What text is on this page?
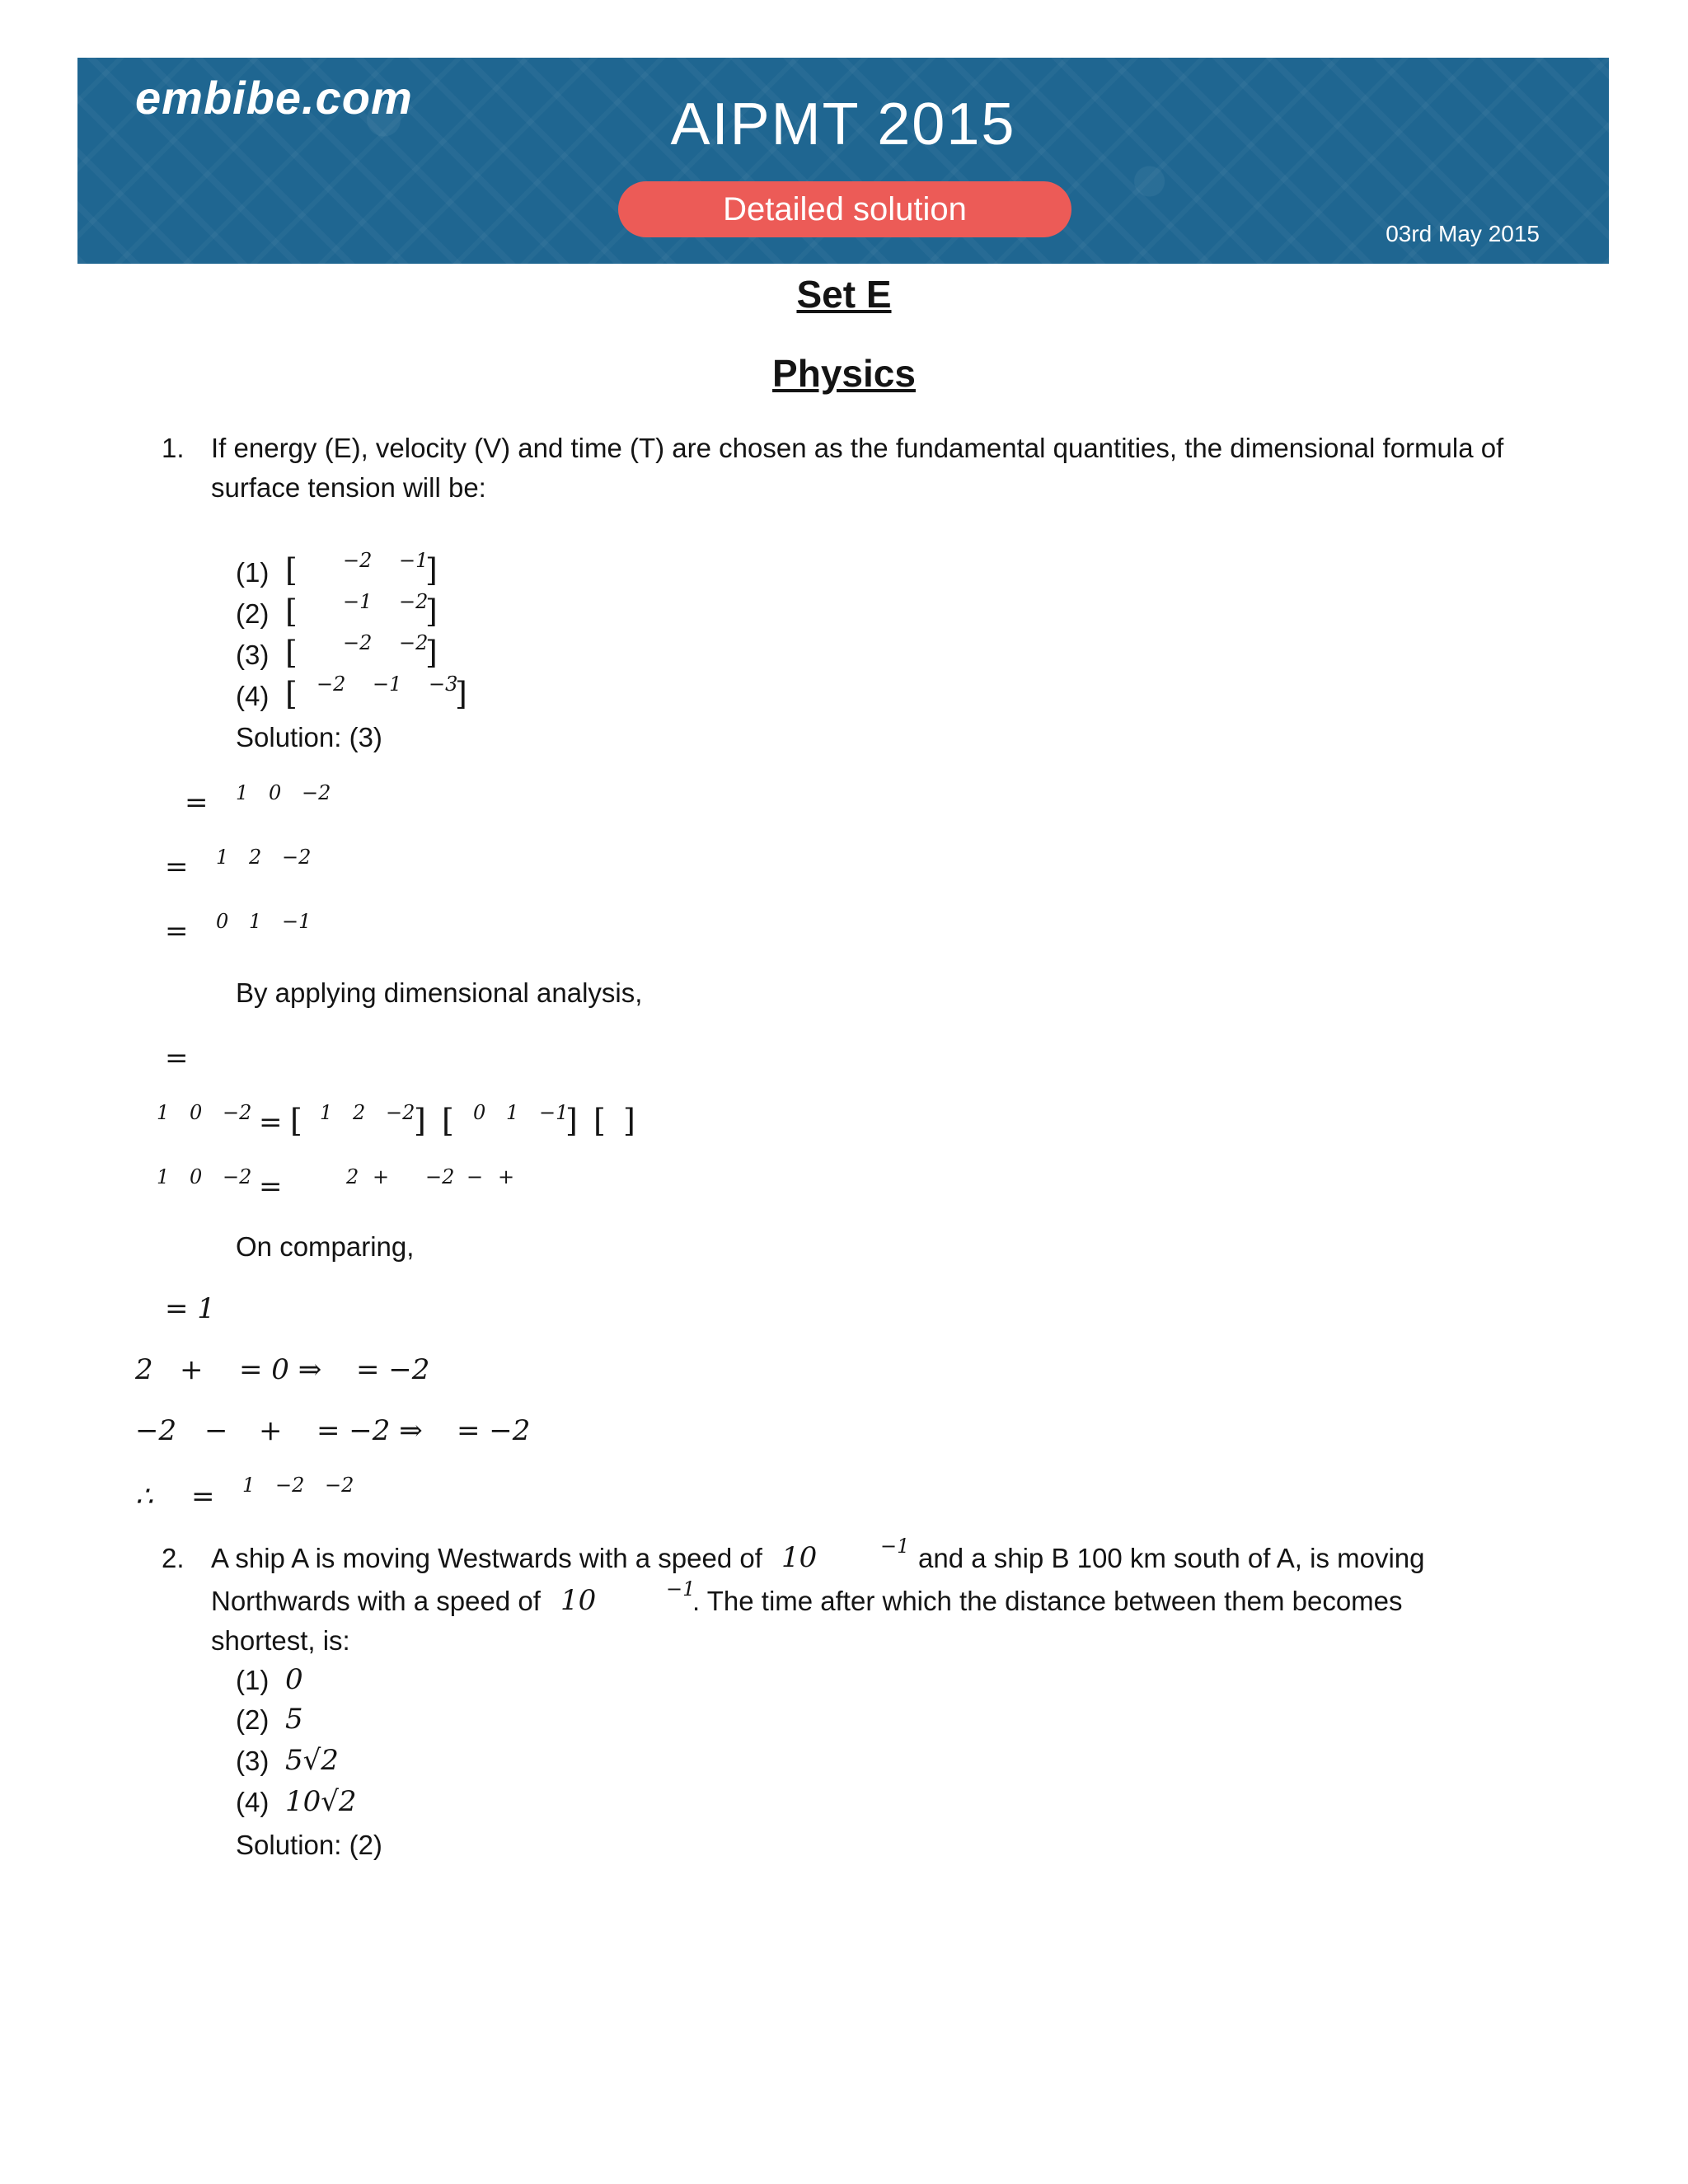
embibe.com	AIPMT 2015
Detailed solution
03rd May 2015
Set E
Physics
1. If energy (E), velocity (V) and time (T) are chosen as the fundamental quantities, the dimensional formula of
surface tension will be:
(1) [ −2 −1
]
(2) [ −1 −2
]
(3) [ −2 −2
]
(4) [ −2 −1 −3
]
Solution: (3)
= 1 0 −2
= 1 2 −2
= 0 1 −1
By applying dimensional analysis,
=
1 0 −2 = [ 1 2 −2
] [ 0 1 −1
] [ ]
1 0 −2 =	2 + −2 − +
On comparing,
= 1
2 + = 0 ⇒ = −2
−2 − + = −2 ⇒ = −2
∴ = 1 −2 −2
2. A ship A is moving Westwards with a speed of 10	−1 and a ship B 100 km south of A, is moving
Northwards with a speed of 10	−1
. The time after which the distance between them becomes
shortest, is:
(1) 0
(2) 5
(3) 5√2
(4) 10√2
Solution: (2)
